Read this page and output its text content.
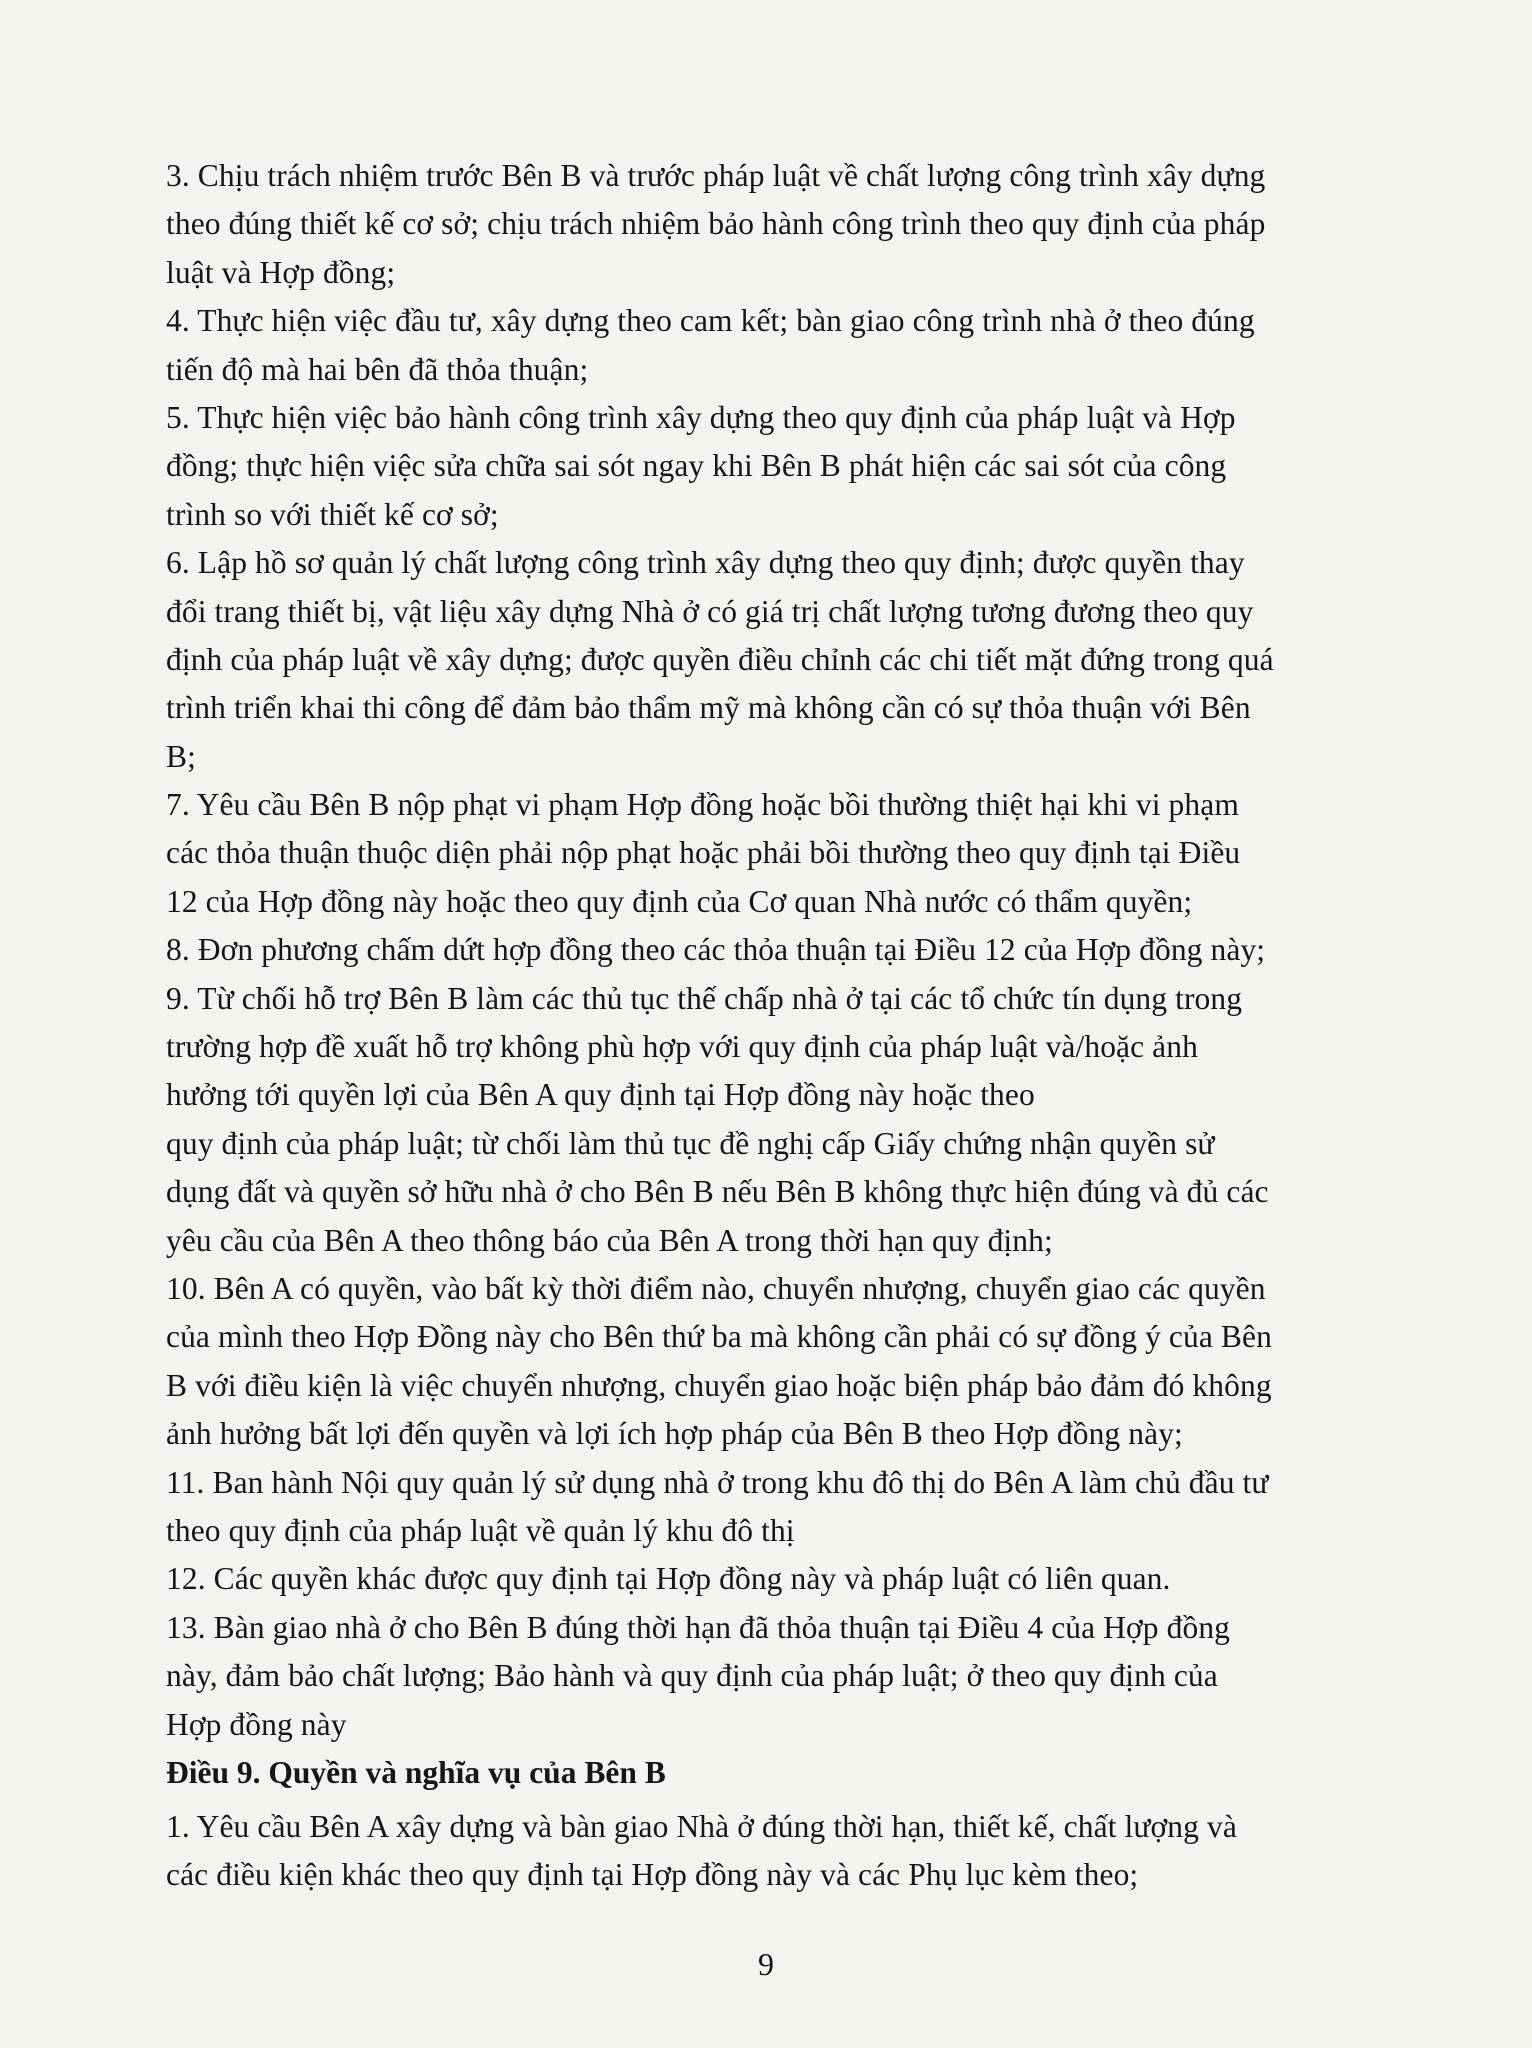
3. Chịu trách nhiệm trước Bên B và trước pháp luật về chất lượng công trình xây dựng
theo đúng thiết kế cơ sở; chịu trách nhiệm bảo hành công trình theo quy định của pháp
luật và Hợp đồng;
4. Thực hiện việc đầu tư, xây dựng theo cam kết; bàn giao công trình nhà ở theo đúng
tiến độ mà hai bên đã thỏa thuận;
5. Thực hiện việc bảo hành công trình xây dựng theo quy định của pháp luật và Hợp
đồng; thực hiện việc sửa chữa sai sót ngay khi Bên B phát hiện các sai sót của công
trình so với thiết kế cơ sở;
6. Lập hồ sơ quản lý chất lượng công trình xây dựng theo quy định; được quyền thay
đổi trang thiết bị, vật liệu xây dựng Nhà ở có giá trị chất lượng tương đương theo quy
định của pháp luật về xây dựng; được quyền điều chỉnh các chi tiết mặt đứng trong quá
trình triển khai thi công để đảm bảo thẩm mỹ mà không cần có sự thỏa thuận với Bên
B;
7. Yêu cầu Bên B nộp phạt vi phạm Hợp đồng hoặc bồi thường thiệt hại khi vi phạm
các thỏa thuận thuộc diện phải nộp phạt hoặc phải bồi thường theo quy định tại Điều
12 của Hợp đồng này hoặc theo quy định của Cơ quan Nhà nước có thẩm quyền;
8. Đơn phương chấm dứt hợp đồng theo các thỏa thuận tại Điều 12 của Hợp đồng này;
9. Từ chối hỗ trợ Bên B làm các thủ tục thế chấp nhà ở tại các tổ chức tín dụng trong
trường hợp đề xuất hỗ trợ không phù hợp với quy định của pháp luật và/hoặc ảnh
hưởng tới quyền lợi của Bên A quy định tại Hợp đồng này hoặc theo
quy định của pháp luật; từ chối làm thủ tục đề nghị cấp Giấy chứng nhận quyền sử
dụng đất và quyền sở hữu nhà ở cho Bên B nếu Bên B không thực hiện đúng và đủ các
yêu cầu của Bên A theo thông báo của Bên A trong thời hạn quy định;
10. Bên A có quyền, vào bất kỳ thời điểm nào, chuyển nhượng, chuyển giao các quyền
của mình theo Hợp Đồng này cho Bên thứ ba mà không cần phải có sự đồng ý của Bên
B với điều kiện là việc chuyển nhượng, chuyển giao hoặc biện pháp bảo đảm đó không
ảnh hưởng bất lợi đến quyền và lợi ích hợp pháp của Bên B theo Hợp đồng này;
11. Ban hành Nội quy quản lý sử dụng nhà ở trong khu đô thị do Bên A làm chủ đầu tư
theo quy định của pháp luật về quản lý khu đô thị
12. Các quyền khác được quy định tại Hợp đồng này và pháp luật có liên quan.
13. Bàn giao nhà ở cho Bên B đúng thời hạn đã thỏa thuận tại Điều 4 của Hợp đồng
này, đảm bảo chất lượng; Bảo hành và quy định của pháp luật; ở theo quy định của
Hợp đồng này
Điều 9. Quyền và nghĩa vụ của Bên B
1. Yêu cầu Bên A xây dựng và bàn giao Nhà ở đúng thời hạn, thiết kế, chất lượng và
các điều kiện khác theo quy định tại Hợp đồng này và các Phụ lục kèm theo;
9
